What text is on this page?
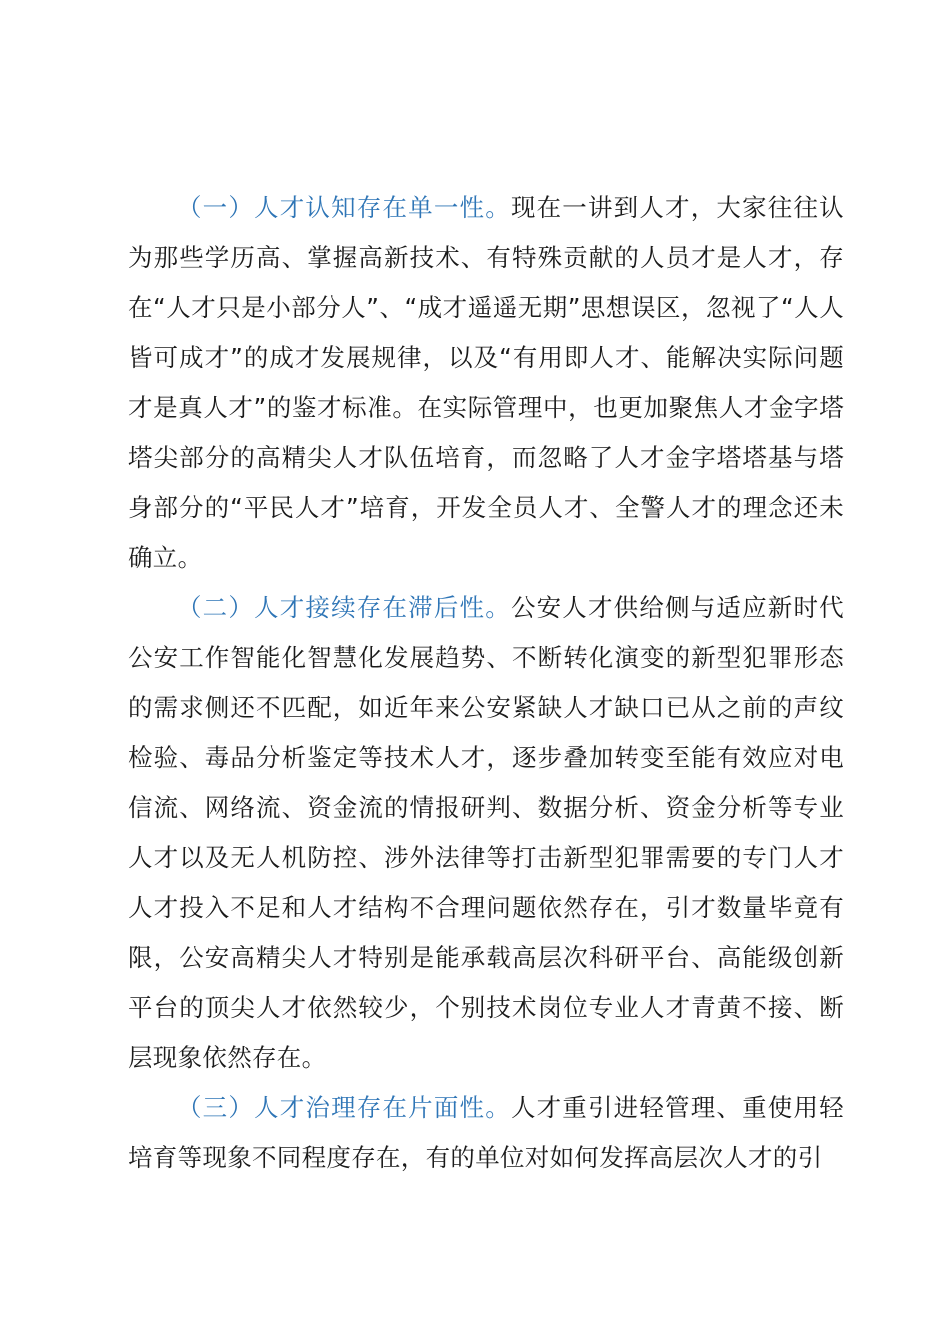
（一）人才认知存在单一性。现在一讲到人才，大家往往认为那些学历高、掌握高新技术、有特殊贡献的人员才是人才，存在“人才只是小部分人”、“成才遥遥无期”思想误区，忽视了“人人皆可成才”的成才发展规律，以及“有用即人才、能解决实际问题才是真人才”的鉴才标准。在实际管理中，也更加聚焦人才金字塔塔尖部分的高精尖人才队伍培育，而忽略了人才金字塔塔基与塔身部分的“平民人才”培育，开发全员人才、全警人才的理念还未确立。

（二）人才接续存在滞后性。公安人才供给侧与适应新时代公安工作智能化智慧化发展趋势、不断转化演变的新型犯罪形态的需求侧还不匹配，如近年来公安紧缺人才缺口已从之前的声纹检验、毒品分析鉴定等技术人才，逐步叠加转变至能有效应对电信流、网络流、资金流的情报研判、数据分析、资金分析等专业人才以及无人机防控、涉外法律等打击新型犯罪需要的专门人才人才投入不足和人才结构不合理问题依然存在，引才数量毕竟有限，公安高精尖人才特别是能承载高层次科研平台、高能级创新平台的顶尖人才依然较少，个别技术岗位专业人才青黄不接、断层现象依然存在。

（三）人才治理存在片面性。人才重引进轻管理、重使用轻培育等现象不同程度存在，有的单位对如何发挥高层次人才的引
